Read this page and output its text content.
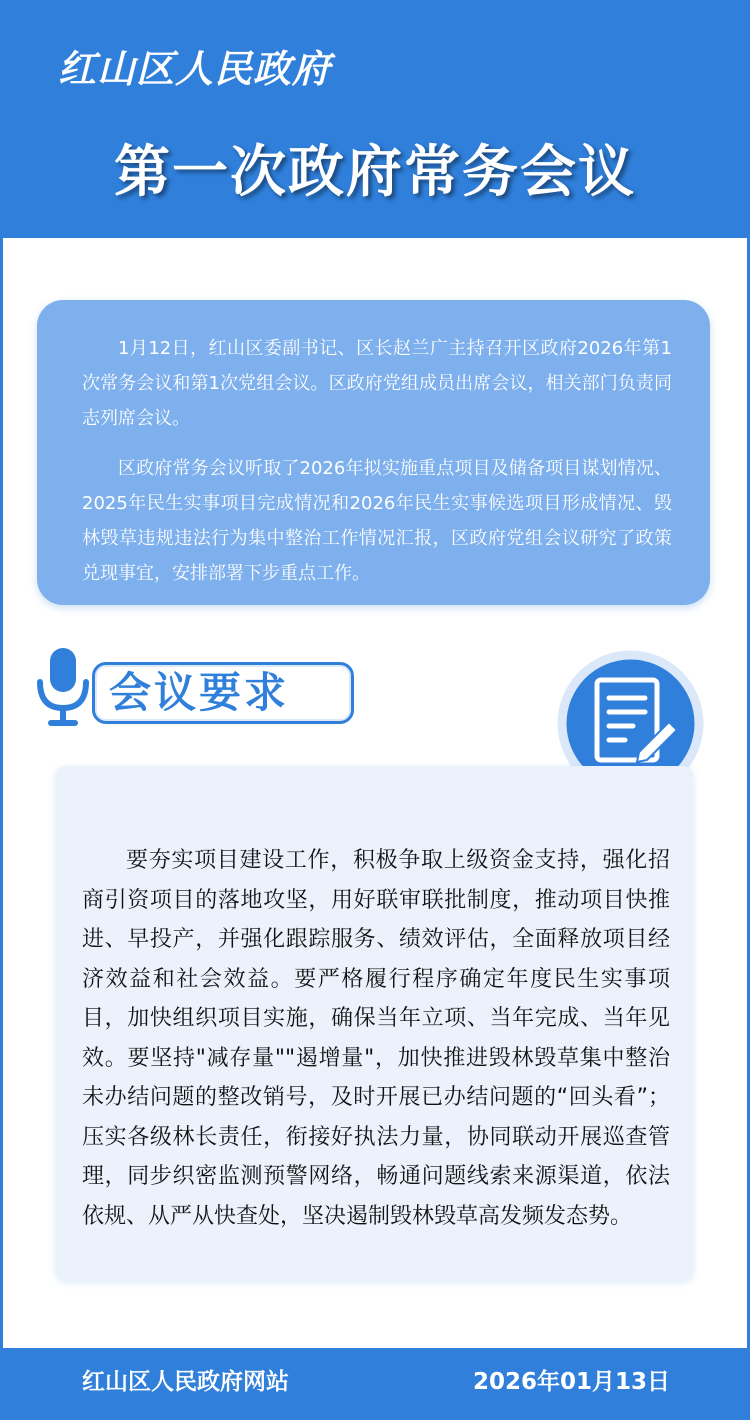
红山区人民政府
第一次政府常务会议

1月12日，红山区委副书记、区长赵兰广主持召开区政府2026年第1次常务会议和第1次党组会议。区政府党组成员出席会议，相关部门负责同志列席会议。

区政府常务会议听取了2026年拟实施重点项目及储备项目谋划情况、2025年民生实事项目完成情况和2026年民生实事候选项目形成情况、毁林毁草违规违法行为集中整治工作情况汇报，区政府党组会议研究了政策兑现事宜，安排部署下步重点工作。

会议要求

要夯实项目建设工作，积极争取上级资金支持，强化招商引资项目的落地攻坚，用好联审联批制度，推动项目快推进、早投产，并强化跟踪服务、绩效评估，全面释放项目经济效益和社会效益。要严格履行程序确定年度民生实事项目，加快组织项目实施，确保当年立项、当年完成、当年见效。要坚持"减存量""遏增量"，加快推进毁林毁草集中整治未办结问题的整改销号，及时开展已办结问题的“回头看”；压实各级林长责任，衔接好执法力量，协同联动开展巡查管理，同步织密监测预警网络，畅通问题线索来源渠道，依法依规、从严从快查处，坚决遏制毁林毁草高发频发态势。

红山区人民政府网站	2026年01月13日
